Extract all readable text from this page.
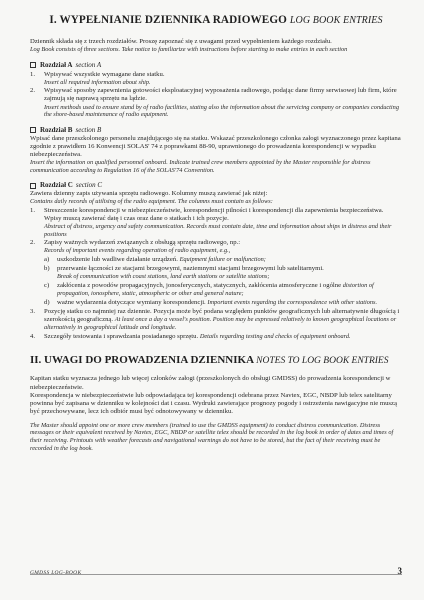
I. WYPEŁNIANIE DZIENNIKA RADIOWEGO LOG BOOK ENTRIES

Dziennik składa się z trzech rozdziałów. Proszę zapoznać się z uwagami przed wypełnieniem każdego rozdziału.

Log Book consists of three sections. Take notice to familiarize with instructions before starting to make entries in each section

Rozdział A section A
1.	Wpisywać wszystkie wymagane dane statku.

Insert all required information about ship.

2.	Wpisywać sposoby zapewnienia gotowości eksploatacyjnej wyposażenia radiowego, podając dane firmy serwisowej lub firm, które zajmują się naprawą sprzętu na lądzie.

Insert methods used to ensure stand by of radio facilities, stating also the information about the servicing company or companies conducting the shore-based maintenance of radio equipment.

Rozdział B section B

Wpisać dane przeszkolonego personelu znajdującego się na statku. Wskazać przeszkolonego członka załogi wyznaczonego przez kapitana zgodnie z prawidłem 16 Konwencji SOLAS' 74 z poprawkami 88-90, uprawnionego do prowadzenia korespondencji w wypadku niebezpieczeństwa.

Insert the information on qualified personnel onboard. Indicate trained crew members appointed by the Master responsible for distress communication according to Regulation 16 of the SOLAS'74 Convention.

Rozdział C section C

Zawiera dzienny zapis używania sprzętu radiowego. Kolumny muszą zawierać jak niżej:

Contains daily records of utilising of the radio equipment. The columns must contain as follows:

1.	Streszczenie korespondencji w niebezpieczeństwie, korespondencji pilności i korespondencji dla zapewnienia bezpieczeństwa. Wpisy muszą zawierać datę i czas oraz dane o statkach i ich pozycje.

Abstract of distress, urgency and safety communication. Records must contain date, time and information about ships in distress and their positions

2.	Zapisy ważnych wydarzeń związanych z obsługą sprzętu radiowego, np.:

Records of important events regarding operation of radio equipment, e.g.,

a)	uszkodzenie lub wadliwe działanie urządzeń. Equipment failure or malfunction;

b)	przerwanie łączności ze stacjami brzegowymi, naziemnymi stacjami brzegowymi lub satelitarnymi.

Break of communication with coast stations, land earth stations or satellite stations;

c)	zakłócenia z powodów propagacyjnych, jonosferycznych, statycznych, zakłócenia atmosferyczne i ogólne distortion of propagation, ionosphere, static, atmospheric or other and general nature;

d)	ważne wydarzenia dotyczące wymiany korespondencji. Important events regarding the correspondence with other stations.

3.	Pozycję statku co najmniej raz dziennie. Pozycja może być podana względem punktów geograficznych lub alternatywnie długością i szerokością geograficzną. At least once a day a vessel's position. Position may be expressed relatively to known geographical locations or alternatively in geographical latitude and longitude.

4.	Szczegóły testowania i sprawdzania posiadanego sprzętu. Details regarding testing and checks of equipment onboard.

II. UWAGI DO PROWADZENIA DZIENNIKA NOTES TO LOG BOOK ENTRIES

Kapitan statku wyznacza jednego lub więcej członków załogi (przeszkolonych do obsługi GMDSS) do prowadzenia korespondencji w niebezpieczeństwie.

Korespondencja w niebezpieczeństwie lub odpowiadająca tej korespondencji odebrana przez Navtex, EGC, NBDP lub telex satelitarny powinna być zapisana w dzienniku w kolejności dat i czasu. Wydruki zawierające prognozy pogody i ostrzeżenia nawigacyjne nie muszą być przechowywane, lecz ich odbiór musi być odnotowywany w dzienniku.

The Master should appoint one or more crew members (trained to use the GMDSS equipment) to conduct distress communication. Distress messages or their equivalent received by Navtex, EGC, NBDP or satellite telex should be recorded in the log book in order of dates and times of their receiving. Printouts with weather forecasts and navigational warnings do not have to be stored, but the fact of their receiving must be recorded in the log book.

GMDSS LOG-BOOK	3
